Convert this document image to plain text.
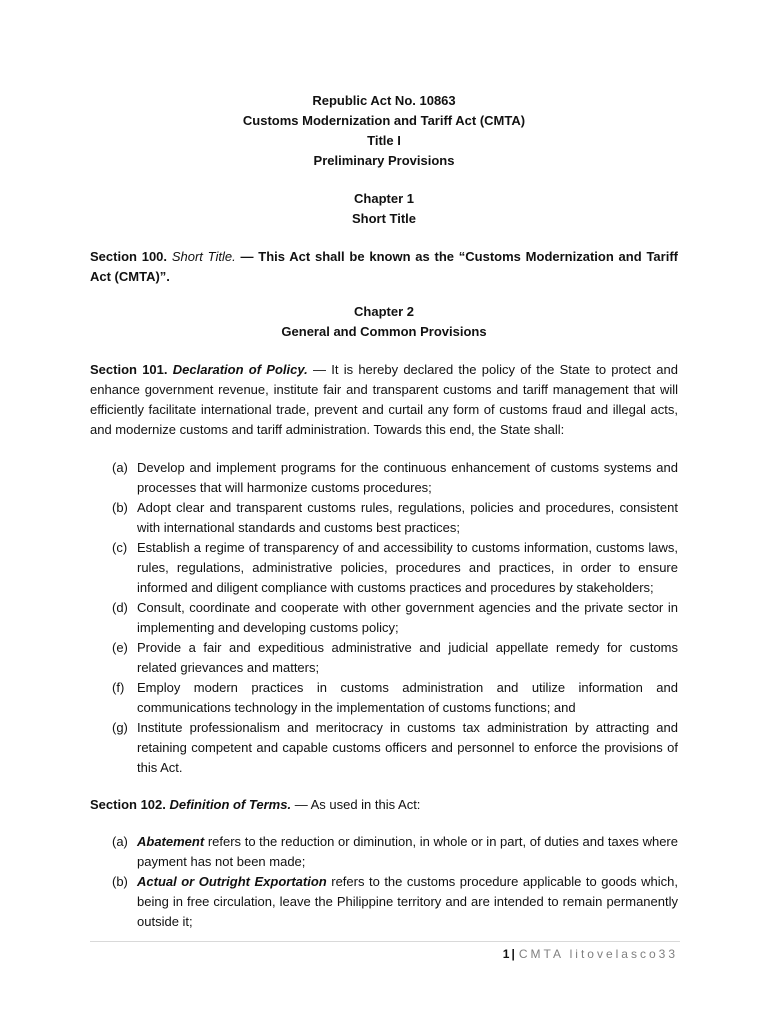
Republic Act No. 10863
Customs Modernization and Tariff Act (CMTA)
Title I
Preliminary Provisions
Chapter 1
Short Title
Section 100. Short Title. — This Act shall be known as the “Customs Modernization and Tariff Act (CMTA)”.
Chapter 2
General and Common Provisions
Section 101. Declaration of Policy. — It is hereby declared the policy of the State to protect and enhance government revenue, institute fair and transparent customs and tariff management that will efficiently facilitate international trade, prevent and curtail any form of customs fraud and illegal acts, and modernize customs and tariff administration. Towards this end, the State shall:
(a) Develop and implement programs for the continuous enhancement of customs systems and processes that will harmonize customs procedures;
(b) Adopt clear and transparent customs rules, regulations, policies and procedures, consistent with international standards and customs best practices;
(c) Establish a regime of transparency of and accessibility to customs information, customs laws, rules, regulations, administrative policies, procedures and practices, in order to ensure informed and diligent compliance with customs practices and procedures by stakeholders;
(d) Consult, coordinate and cooperate with other government agencies and the private sector in implementing and developing customs policy;
(e) Provide a fair and expeditious administrative and judicial appellate remedy for customs related grievances and matters;
(f) Employ modern practices in customs administration and utilize information and communications technology in the implementation of customs functions; and
(g) Institute professionalism and meritocracy in customs tax administration by attracting and retaining competent and capable customs officers and personnel to enforce the provisions of this Act.
Section 102. Definition of Terms. — As used in this Act:
(a) Abatement refers to the reduction or diminution, in whole or in part, of duties and taxes where payment has not been made;
(b) Actual or Outright Exportation refers to the customs procedure applicable to goods which, being in free circulation, leave the Philippine territory and are intended to remain permanently outside it;
1 | CMTA litovelasco33
